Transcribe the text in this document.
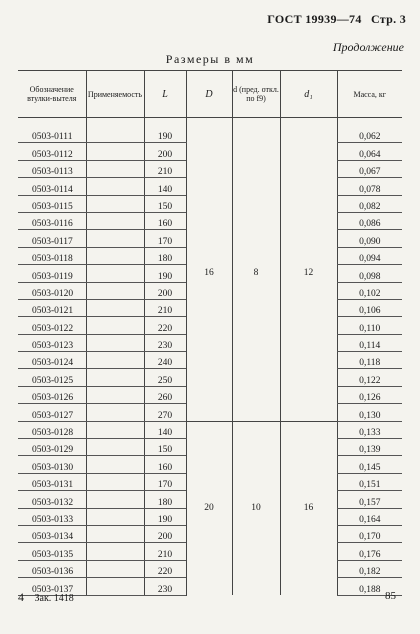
ГОСТ 19939—74 Стр. 3
Продолжение
Размеры в мм
Обозначение втулки-вытеля	Применяемость	L	D	d (пред. откл. по f9)	d₁	Масса, кг
0503-0111		190	16	8	12	0,062
0503-0112		200				0,064
0503-0113		210				0,067
0503-0114		140				0,078
0503-0115		150				0,082
0503-0116		160				0,086
0503-0117		170				0,090
0503-0118		180				0,094
0503-0119		190				0,098
0503-0120		200				0,102
0503-0121		210				0,106
0503-0122		220				0,110
0503-0123		230				0,114
0503-0124		240				0,118
0503-0125		250				0,122
0503-0126		260				0,126
0503-0127		270				0,130
0503-0128		140	20	10	16	0,133
0503-0129		150				0,139
0503-0130		160				0,145
0503-0131		170				0,151
0503-0132		180				0,157
0503-0133		190				0,164
0503-0134		200				0,170
0503-0135		210				0,176
0503-0136		220				0,182
0503-0137		230				0,188
4 Зак. 1418	85
